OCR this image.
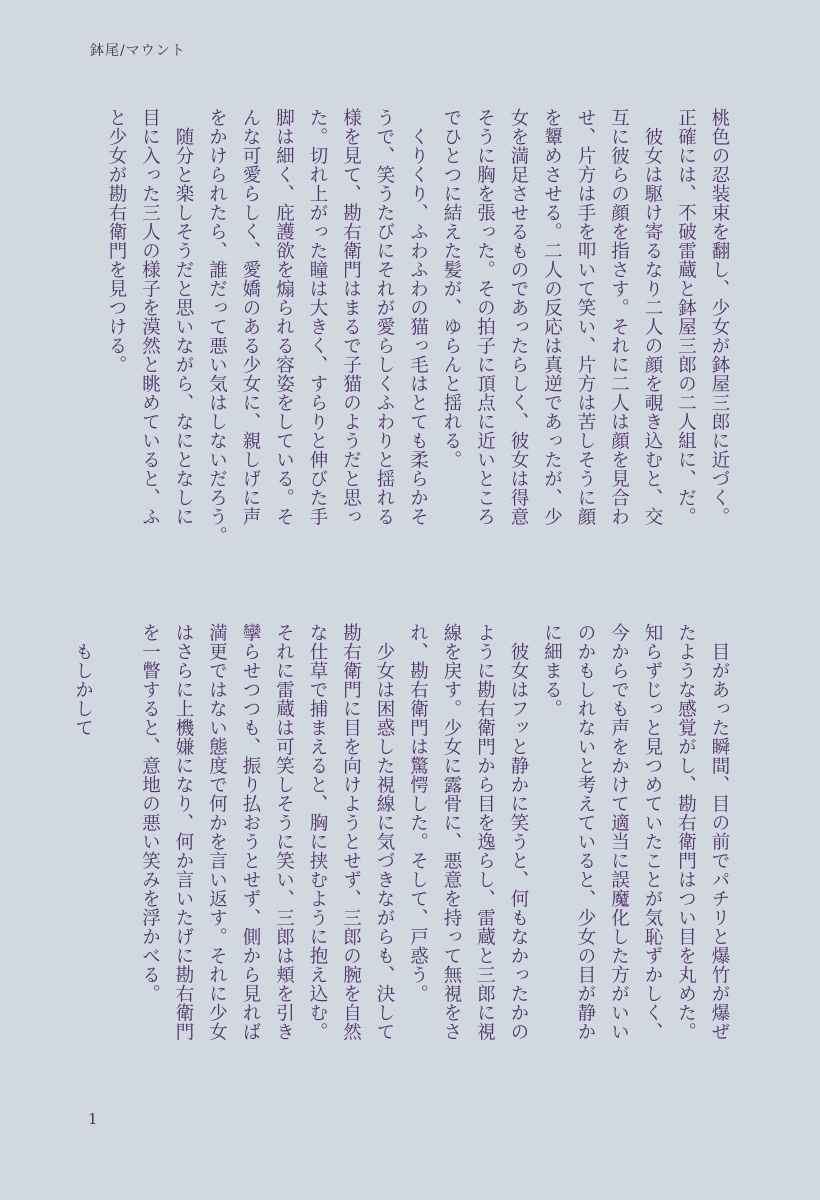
鉢尾/マウント

桃色の忍装束を翻し、少女が鉢屋三郎に近づく。

正確には、不破雷蔵と鉢屋三郎の二人組に、だ。

　彼女は駆け寄るなり二人の顔を覗き込むと、交

互に彼らの顔を指さす。それに二人は顔を見合わ

せ、片方は手を叩いて笑い、片方は苦しそうに顔

を顰めさせる。二人の反応は真逆であったが、少

女を満足させるものであったらしく、彼女は得意

そうに胸を張った。その拍子に頂点に近いところ

でひとつに結えた髪が、ゆらんと揺れる。

　くりくり、ふわふわの猫っ毛はとても柔らかそ

うで、笑うたびにそれが愛らしくふわりと揺れる

様を見て、勘右衛門はまるで子猫のようだと思っ

た。切れ上がった瞳は大きく、すらりと伸びた手

脚は細く、庇護欲を煽られる容姿をしている。そ

んな可愛らしく、愛嬌のある少女に、親しげに声

をかけられたら、誰だって悪い気はしないだろう。

　随分と楽しそうだと思いながら、なにとなしに

目に入った三人の様子を漠然と眺めていると、ふ

と少女が勘右衛門を見つける。

　目があった瞬間、目の前でパチリと爆竹が爆ぜ

たような感覚がし、勘右衛門はつい目を丸めた。

知らずじっと見つめていたことが気恥ずかしく、

今からでも声をかけて適当に誤魔化した方がいい

のかもしれないと考えていると、少女の目が静か

に細まる。

　彼女はフッと静かに笑うと、何もなかったかの

ように勘右衛門から目を逸らし、雷蔵と三郎に視

線を戻す。少女に露骨に、悪意を持って無視をさ

れ、勘右衛門は驚愕した。そして、戸惑う。

　少女は困惑した視線に気づきながらも、決して

勘右衛門に目を向けようとせず、三郎の腕を自然

な仕草で捕まえると、胸に挟むように抱え込む。

それに雷蔵は可笑しそうに笑い、三郎は頬を引き

攣らせつつも、振り払おうとせず、側から見れば

満更ではない態度で何かを言い返す。それに少女

はさらに上機嫌になり、何か言いたげに勘右衛門

を一瞥すると、意地の悪い笑みを浮かべる。

　もしかして

1
